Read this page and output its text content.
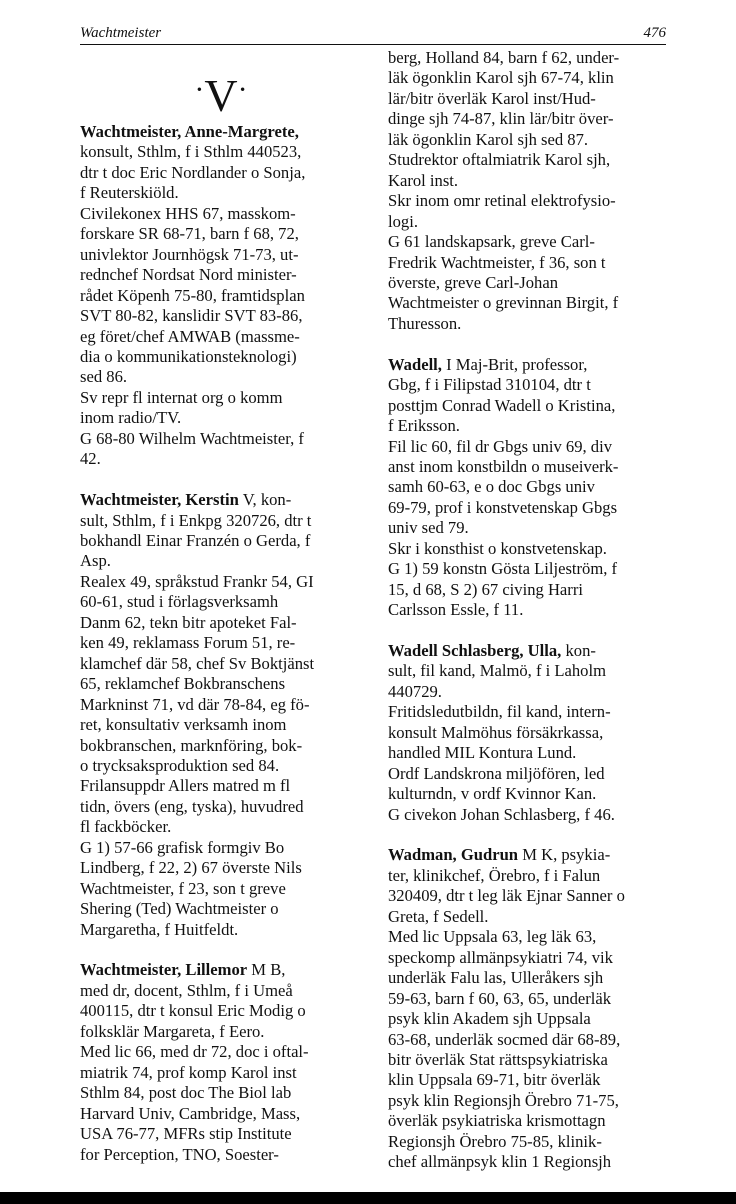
Wachtmeister	476
·V·
Wachtmeister, Anne-Margrete,
konsult, Sthlm, f i Sthlm 440523,
dtr t doc Eric Nordlander o Sonja,
f Reuterskiöld.
Civilekonex HHS 67, masskom-
forskare SR 68-71, barn f 68, 72,
univlektor Journhögsk 71-73, ut-
rednchef Nordsat Nord minister-
rådet Köpenh 75-80, framtidsplan
SVT 80-82, kanslidir SVT 83-86,
eg föret/chef AMWAB (massme-
dia o kommunikationsteknologi)
sed 86.
Sv repr fl internat org o komm
inom radio/TV.
G 68-80 Wilhelm Wachtmeister, f
42.
Wachtmeister, Kerstin V, kon-
sult, Sthlm, f i Enkpg 320726, dtr t
bokhandl Einar Franzén o Gerda, f
Asp.
Realex 49, språkstud Frankr 54, GI
60-61, stud i förlagsverksamh
Danm 62, tekn bitr apoteket Fal-
ken 49, reklamass Forum 51, re-
klamchef där 58, chef Sv Boktjänst
65, reklamchef Bokbranschens
Markninst 71, vd där 78-84, eg fö-
ret, konsultativ verksamh inom
bokbranschen, marknföring, bok-
o trycksaksproduktion sed 84.
Frilansuppdr Allers matred m fl
tidn, övers (eng, tyska), huvudred
fl fackböcker.
G 1) 57-66 grafisk formgiv Bo
Lindberg, f 22, 2) 67 överste Nils
Wachtmeister, f 23, son t greve
Shering (Ted) Wachtmeister o
Margaretha, f Huitfeldt.
Wachtmeister, Lillemor M B,
med dr, docent, Sthlm, f i Umeå
400115, dtr t konsul Eric Modig o
folksklär Margareta, f Eero.
Med lic 66, med dr 72, doc i oftal-
miatrik 74, prof komp Karol inst
Sthlm 84, post doc The Biol lab
Harvard Univ, Cambridge, Mass,
USA 76-77, MFRs stip Institute
for Perception, TNO, Soester-
berg, Holland 84, barn f 62, under-
läk ögonklin Karol sjh 67-74, klin
lär/bitr överläk Karol inst/Hud-
dinge sjh 74-87, klin lär/bitr över-
läk ögonklin Karol sjh sed 87.
Studrektor oftalmiatrik Karol sjh,
Karol inst.
Skr inom omr retinal elektrofysio-
logi.
G 61 landskapsark, greve Carl-
Fredrik Wachtmeister, f 36, son t
överste, greve Carl-Johan
Wachtmeister o grevinnan Birgit, f
Thuresson.
Wadell, I Maj-Brit, professor,
Gbg, f i Filipstad 310104, dtr t
posttjm Conrad Wadell o Kristina,
f Eriksson.
Fil lic 60, fil dr Gbgs univ 69, div
anst inom konstbildn o museiverk-
samh 60-63, e o doc Gbgs univ
69-79, prof i konstvetenskap Gbgs
univ sed 79.
Skr i konsthist o konstvetenskap.
G 1) 59 konstn Gösta Liljeström, f
15, d 68, S 2) 67 civing Harri
Carlsson Essle, f 11.
Wadell Schlasberg, Ulla, kon-
sult, fil kand, Malmö, f i Laholm
440729.
Fritidsledutbildn, fil kand, intern-
konsult Malmöhus försäkrkassa,
handled MIL Kontura Lund.
Ordf Landskrona miljöfören, led
kulturndn, v ordf Kvinnor Kan.
G civekon Johan Schlasberg, f 46.
Wadman, Gudrun M K, psykia-
ter, klinikchef, Örebro, f i Falun
320409, dtr t leg läk Ejnar Sanner o
Greta, f Sedell.
Med lic Uppsala 63, leg läk 63,
speckomp allmänpsykiatri 74, vik
underläk Falu las, Ulleråkers sjh
59-63, barn f 60, 63, 65, underläk
psyk klin Akadem sjh Uppsala
63-68, underläk socmed där 68-89,
bitr överläk Stat rättspsykiatriska
klin Uppsala 69-71, bitr överläk
psyk klin Regionsjh Örebro 71-75,
överläk psykiatriska krismottagn
Regionsjh Örebro 75-85, klinik-
chef allmänpsyk klin 1 Regionsjh
